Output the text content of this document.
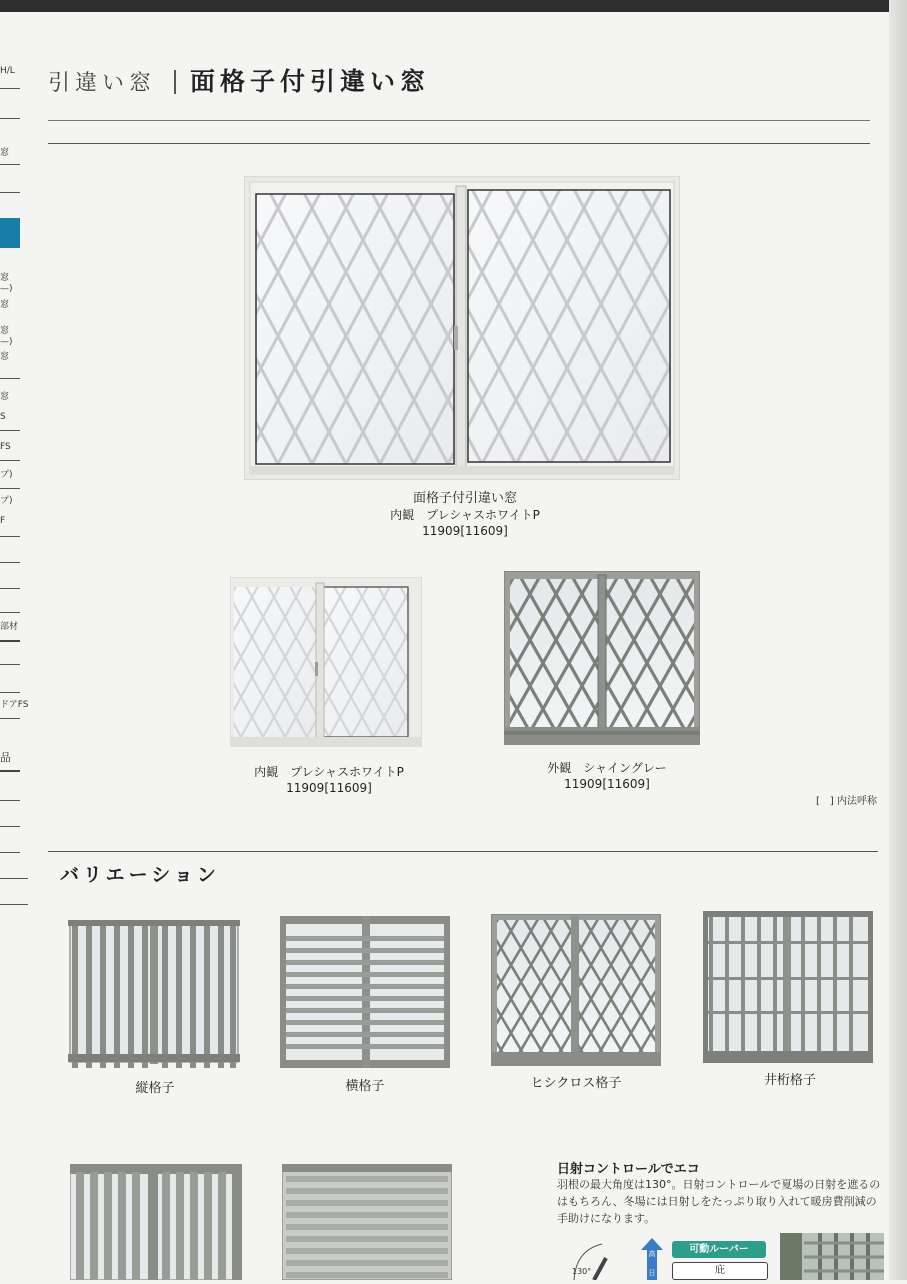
H/L
窓
窓
—)
窓
窓
—)
窓
窓
S
FS
プ)
プ)
F
部材
ドアFS
品
引違い窓 面格子付引違い窓
面格子付引違い窓
内観　プレシャスホワイトP
11909[11609]
内観　プレシャスホワイトP
11909[11609]
外観　シャイングレー
11909[11609]
[　] 内法呼称
バリエーション
縦格子	横格子	ヒシクロス格子	井桁格子
日射コントロールでエコ
羽根の最大角度は130°。日射コントロールで夏場の日射を遮るのはもちろん、冬場には日射しをたっぷり取り入れて暖房費削減の手助けになります。
130°
高
日
可動ルーバー
庇
